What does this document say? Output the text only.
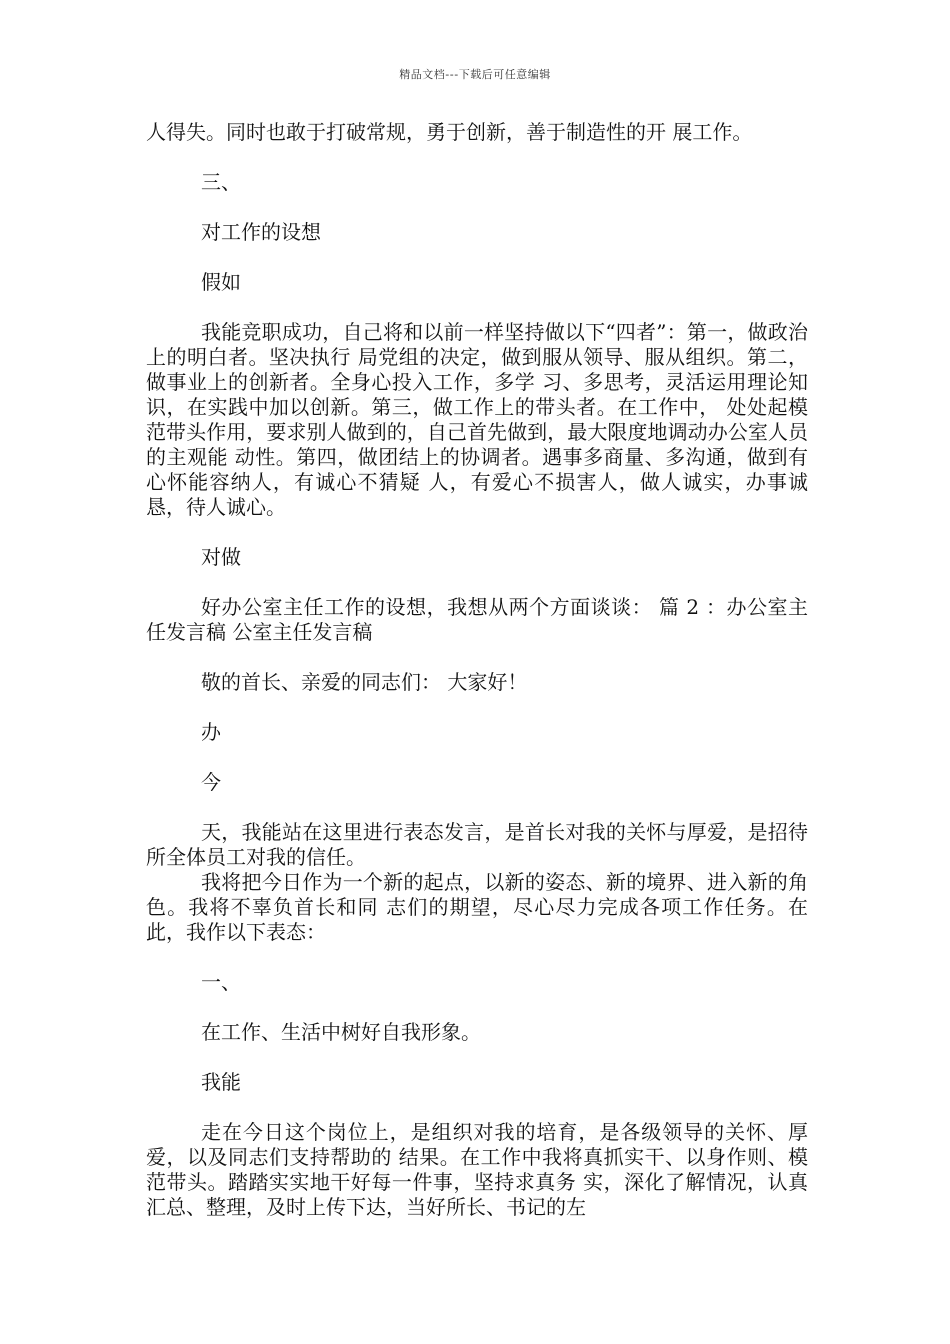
精品文档---下载后可任意编辑

人得失。同时也敢于打破常规，勇于创新，善于制造性的开 展工作。

三、

对工作的设想

假如

我能竞职成功，自己将和以前一样坚持做以下“四者”：第一，做政治上的明白者。坚决执行 局党组的决定，做到服从领导、服从组织。第二，做事业上的创新者。全身心投入工作，多学 习、多思考，灵活运用理论知识，在实践中加以创新。第三，做工作上的带头者。在工作中， 处处起模范带头作用，要求别人做到的，自己首先做到，最大限度地调动办公室人员的主观能 动性。第四，做团结上的协调者。遇事多商量、多沟通，做到有心怀能容纳人，有诚心不猜疑 人，有爱心不损害人，做人诚实，办事诚恳，待人诚心。

对做

好办公室主任工作的设想，我想从两个方面谈谈： 篇 2 ：办公室主任发言稿 公室主任发言稿

敬的首长、亲爱的同志们： 大家好！

办

今

天，我能站在这里进行表态发言，是首长对我的关怀与厚爱，是招待所全体员工对我的信任。

我将把今日作为一个新的起点，以新的姿态、新的境界、进入新的角色。我将不辜负首长和同 志们的期望，尽心尽力完成各项工作任务。在此，我作以下表态：

一、

在工作、生活中树好自我形象。

我能

走在今日这个岗位上，是组织对我的培育，是各级领导的关怀、厚爱，以及同志们支持帮助的 结果。在工作中我将真抓实干、以身作则、模范带头。踏踏实实地干好每一件事，坚持求真务 实，深化了解情况，认真汇总、整理，及时上传下达，当好所长、书记的左
